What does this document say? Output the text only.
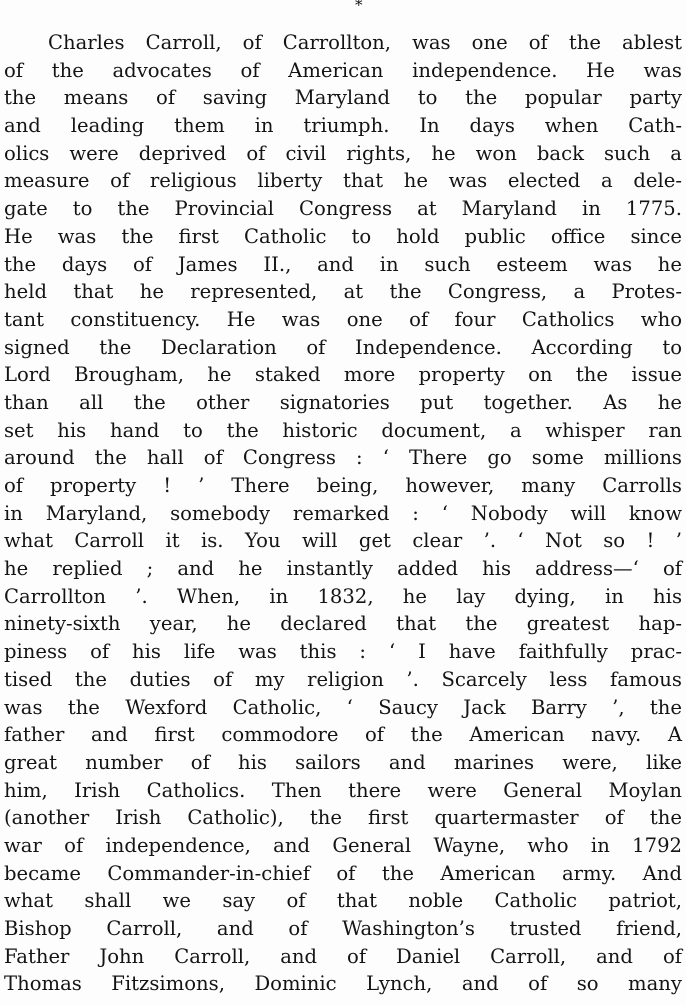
*
Charles Carroll, of Carrollton, was one of the ablest
of the advocates of American independence. He was
the means of saving Maryland to the popular party
and leading them in triumph. In days when Cath-
olics were deprived of civil rights, he won back such a
measure of religious liberty that he was elected a dele-
gate to the Provincial Congress at Maryland in 1775.
He was the first Catholic to hold public office since
the days of James II., and in such esteem was he
held that he represented, at the Congress, a Protes-
tant constituency. He was one of four Catholics who
signed the Declaration of Independence. According to
Lord Brougham, he staked more property on the issue
than all the other signatories put together. As he
set his hand to the historic document, a whisper ran
around the hall of Congress : ‘ There go some millions
of property ! ’ There being, however, many Carrolls
in Maryland, somebody remarked : ‘ Nobody will know
what Carroll it is. You will get clear ’. ‘ Not so ! ’
he replied ; and he instantly added his address—‘ of
Carrollton ’. When, in 1832, he lay dying, in his
ninety-sixth year, he declared that the greatest hap-
piness of his life was this : ‘ I have faithfully prac-
tised the duties of my religion ’. Scarcely less famous
was the Wexford Catholic, ‘ Saucy Jack Barry ’, the
father and first commodore of the American navy. A
great number of his sailors and marines were, like
him, Irish Catholics. Then there were General Moylan
(another Irish Catholic), the first quartermaster of the
war of independence, and General Wayne, who in 1792
became Commander-in-chief of the American army. And
what shall we say of that noble Catholic patriot,
Bishop Carroll, and of Washington’s trusted friend,
Father John Carroll, and of Daniel Carroll, and of
Thomas Fitzsimons, Dominic Lynch, and of so many
